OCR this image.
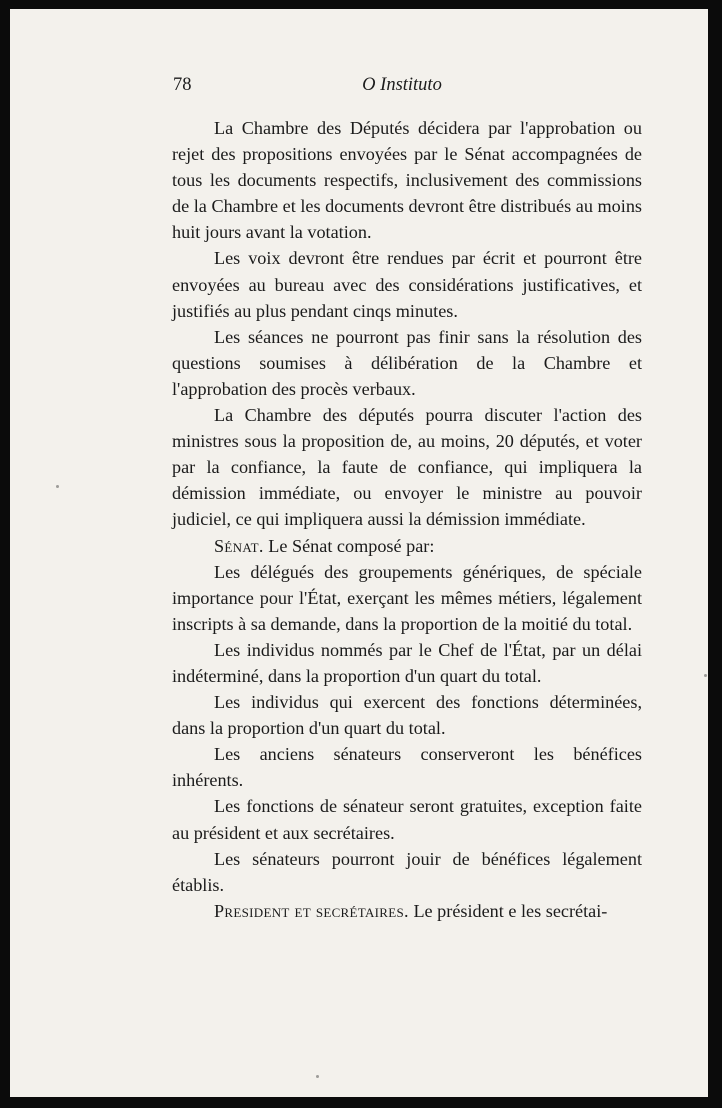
78	O Instituto

La Chambre des Députés décidera par l'approbation ou rejet des propositions envoyées par le Sénat accompagnées de tous les documents respectifs, inclusivement des commissions de la Chambre et les documents devront être distribués au moins huit jours avant la votation.

Les voix devront être rendues par écrit et pourront être envoyées au bureau avec des considérations justificatives, et justifiés au plus pendant cinqs minutes.

Les séances ne pourront pas finir sans la résolution des questions soumises à délibération de la Chambre et l'approbation des procès verbaux.

La Chambre des députés pourra discuter l'action des ministres sous la proposition de, au moins, 20 députés, et voter par la confiance, la faute de confiance, qui impliquera la démission immédiate, ou envoyer le ministre au pouvoir judiciel, ce qui impliquera aussi la démission immédiate.

Sénat. Le Sénat composé par:

Les délégués des groupements génériques, de spéciale importance pour l'État, exerçant les mêmes métiers, légalement inscripts à sa demande, dans la proportion de la moitié du total.

Les individus nommés par le Chef de l'État, par un délai indéterminé, dans la proportion d'un quart du total.

Les individus qui exercent des fonctions déterminées, dans la proportion d'un quart du total.

Les anciens sénateurs conserveront les bénéfices inhérents.

Les fonctions de sénateur seront gratuites, exception faite au président et aux secrétaires.

Les sénateurs pourront jouir de bénéfices légalement établis.

President et secrétaires. Le président e les secrétai-
